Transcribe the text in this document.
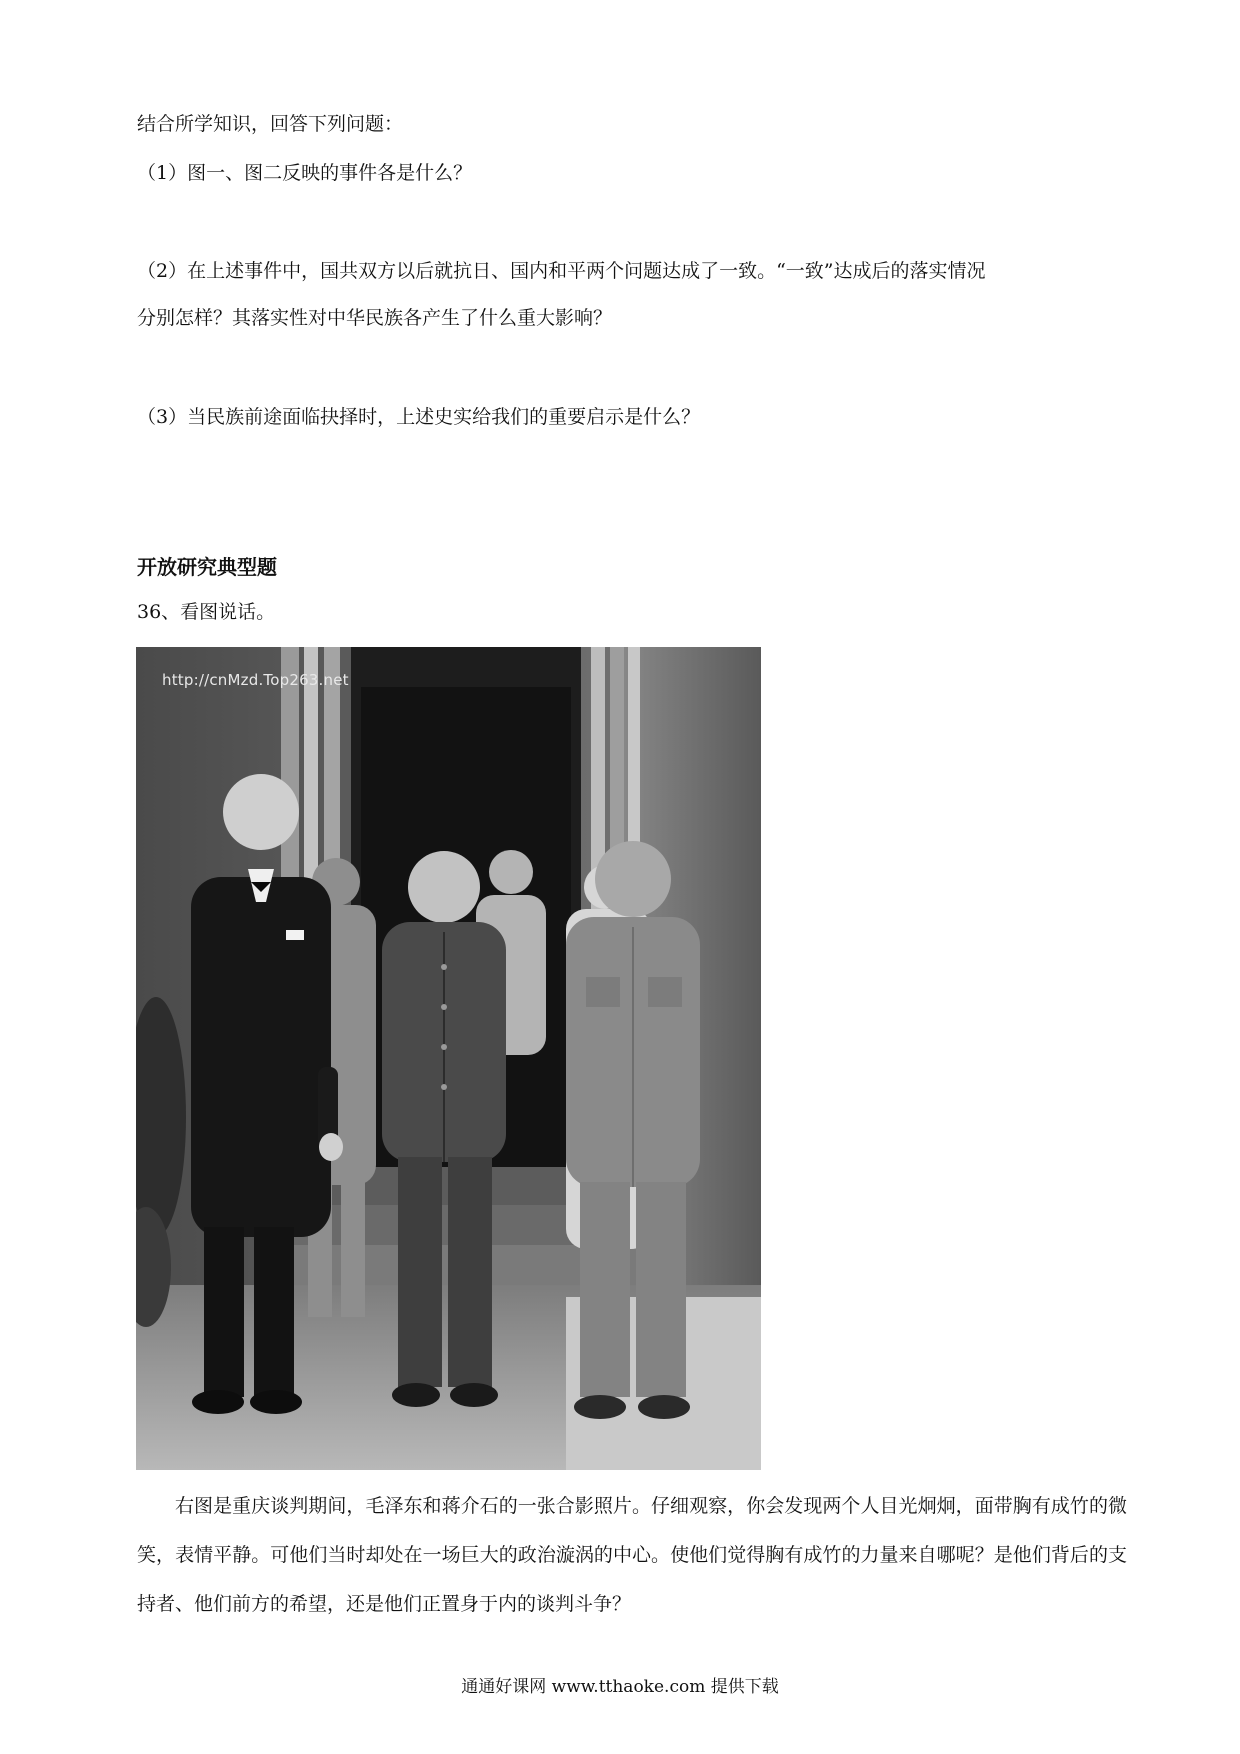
结合所学知识，回答下列问题：
（1）图一、图二反映的事件各是什么？
（2）在上述事件中，国共双方以后就抗日、国内和平两个问题达成了一致。“一致”达成后的落实情况
分别怎样？其落实性对中华民族各产生了什么重大影响？
（3）当民族前途面临抉择时，上述史实给我们的重要启示是什么？
开放研究典型题
36、看图说话。
http://cnMzd.Top263.net
右图是重庆谈判期间，毛泽东和蒋介石的一张合影照片。仔细观察，你会发现两个人目光炯炯，面带胸有成竹的微笑，表情平静。可他们当时却处在一场巨大的政治漩涡的中心。使他们觉得胸有成竹的力量来自哪呢？是他们背后的支持者、他们前方的希望，还是他们正置身于内的谈判斗争？
通通好课网 www.tthaoke.com 提供下载
